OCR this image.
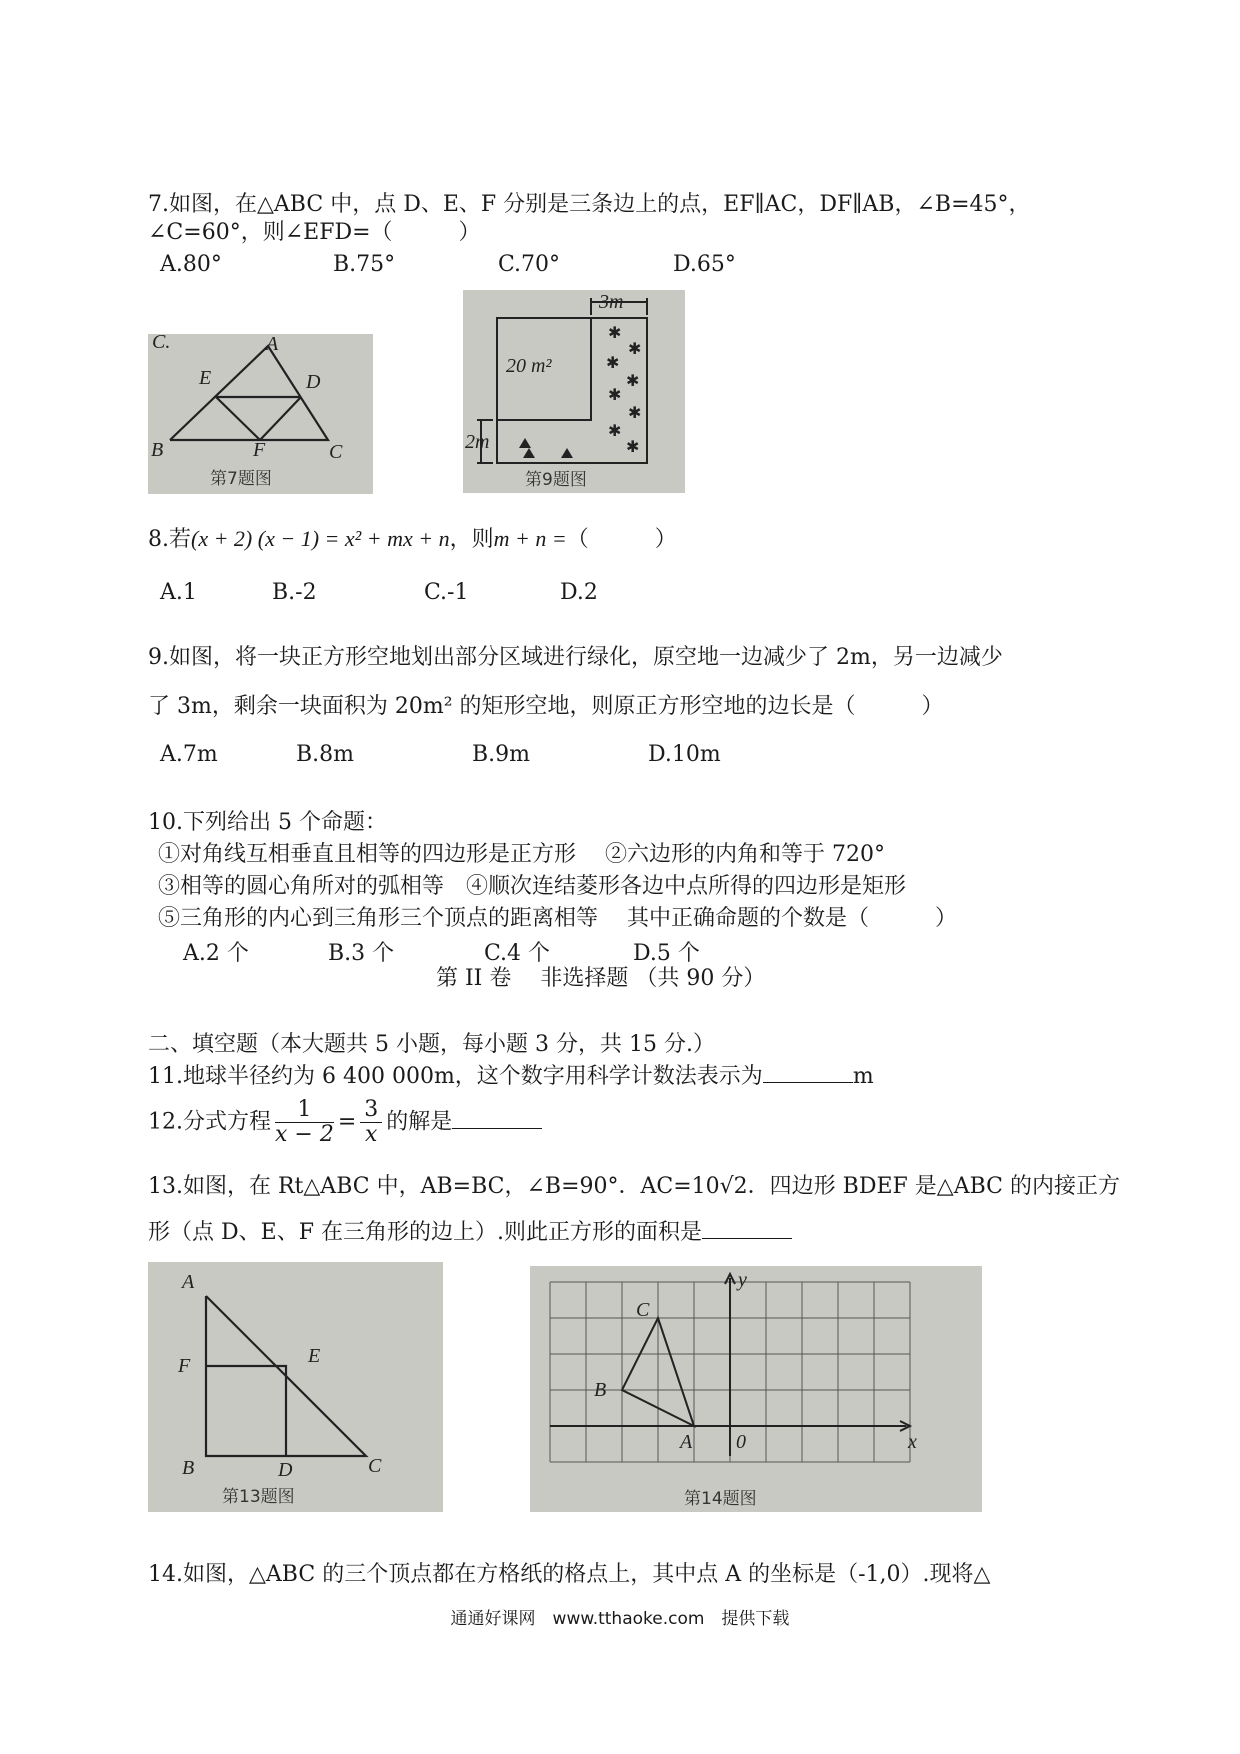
7.如图，在△ABC 中，点 D、E、F 分别是三条边上的点，EF∥AC，DF∥AB，∠B=45°，
∠C=60°，则∠EFD=（　　　）
A.80°	B.75°	C.70°	D.65°
C.	A
E	D
B	F	C
第7题图
✱
✱
✱
✱
✱
✱
✱
✱
20 m²
3m
2m
第9题图
8.若(x + 2) (x − 1) = x² + mx + n，则m + n =（　　　）
A.1	B.-2	C.-1	D.2
9.如图，将一块正方形空地划出部分区域进行绿化，原空地一边减少了 2m，另一边减少
了 3m，剩余一块面积为 20m² 的矩形空地，则原正方形空地的边长是（　　　）
A.7m	B.8m	B.9m	D.10m
10.下列给出 5 个命题：
①对角线互相垂直且相等的四边形是正方形　 ②六边形的内角和等于 720°
③相等的圆心角所对的弧相等　④顺次连结菱形各边中点所得的四边形是矩形
⑤三角形的内心到三角形三个顶点的距离相等　 其中正确命题的个数是（　　　）
A.2 个	B.3 个	C.4 个	D.5 个
第 II 卷　 非选择题 （共 90 分）
二、填空题（本大题共 5 小题，每小题 3 分，共 15 分.）
11.地球半径约为 6 400 000m，这个数字用科学计数法表示为	m
12.分式方程 $\frac{1}{x - 2} = \frac{3}{x}$ 的解是
13.如图，在 Rt△ABC 中，AB=BC，∠B=90°．AC=10√2．四边形 BDEF 是△ABC 的内接正方
形（点 D、E、F 在三角形的边上）.则此正方形的面积是
A
F	E
B	D	C
第13题图
C
B
A 0	x
y
第14题图
14.如图，△ABC 的三个顶点都在方格纸的格点上，其中点 A 的坐标是（-1,0）.现将△
通通好课网　www.tthaoke.com　提供下载
